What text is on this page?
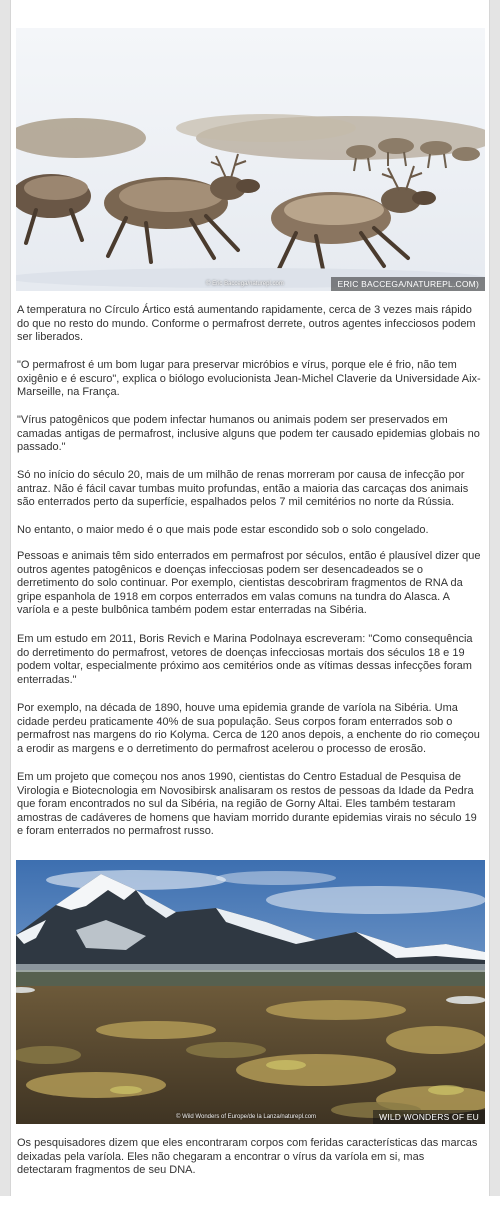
© Eric Baccega/naturepl.com	ERIC BACCEGA/NATUREPL.COM)

A temperatura no Círculo Ártico está aumentando rapidamente, cerca de 3 vezes mais rápido do que no resto do mundo. Conforme o permafrost derrete, outros agentes infecciosos podem ser liberados.

"O permafrost é um bom lugar para preservar micróbios e vírus, porque ele é frio, não tem oxigênio e é escuro", explica o biólogo evolucionista Jean-Michel Claverie da Universidade Aix-Marseille, na França.

"Vírus patogênicos que podem infectar humanos ou animais podem ser preservados em camadas antigas de permafrost, inclusive alguns que podem ter causado epidemias globais no passado."

Só no início do século 20, mais de um milhão de renas morreram por causa de infecção por antraz. Não é fácil cavar tumbas muito profundas, então a maioria das carcaças dos animais são enterrados perto da superfície, espalhados pelos 7 mil cemitérios no norte da Rússia.

No entanto, o maior medo é o que mais pode estar escondido sob o solo congelado.

Pessoas e animais têm sido enterrados em permafrost por séculos, então é plausível dizer que outros agentes patogênicos e doenças infecciosas podem ser desencadeados se o derretimento do solo continuar. Por exemplo, cientistas descobriram fragmentos de RNA da gripe espanhola de 1918 em corpos enterrados em valas comuns na tundra do Alasca. A varíola e a peste bulbônica também podem estar enterradas na Sibéria.

Em um estudo em 2011, Boris Revich e Marina Podolnaya escreveram: "Como consequência do derretimento do permafrost, vetores de doenças infecciosas mortais dos séculos 18 e 19 podem voltar, especialmente próximo aos cemitérios onde as vítimas dessas infecções foram enterradas."

Por exemplo, na década de 1890, houve uma epidemia grande de varíola na Sibéria. Uma cidade perdeu praticamente 40% de sua população. Seus corpos foram enterrados sob o permafrost nas margens do rio Kolyma. Cerca de 120 anos depois, a enchente do rio começou a erodir as margens e o derretimento do permafrost acelerou o processo de erosão.

Em um projeto que começou nos anos 1990, cientistas do Centro Estadual de Pesquisa de Virologia e Biotecnologia em Novosibirsk analisaram os restos de pessoas da Idade da Pedra que foram encontrados no sul da Sibéria, na região de Gorny Altai. Eles também testaram amostras de cadáveres de homens que haviam morrido durante epidemias virais no século 19 e foram enterrados no permafrost russo.

© Wild Wonders of Europe/de la Lanza/naturepl.com	WILD WONDERS OF EU

Os pesquisadores dizem que eles encontraram corpos com feridas características das marcas deixadas pela varíola. Eles não chegaram a encontrar o vírus da varíola em si, mas detectaram fragmentos de seu DNA.
